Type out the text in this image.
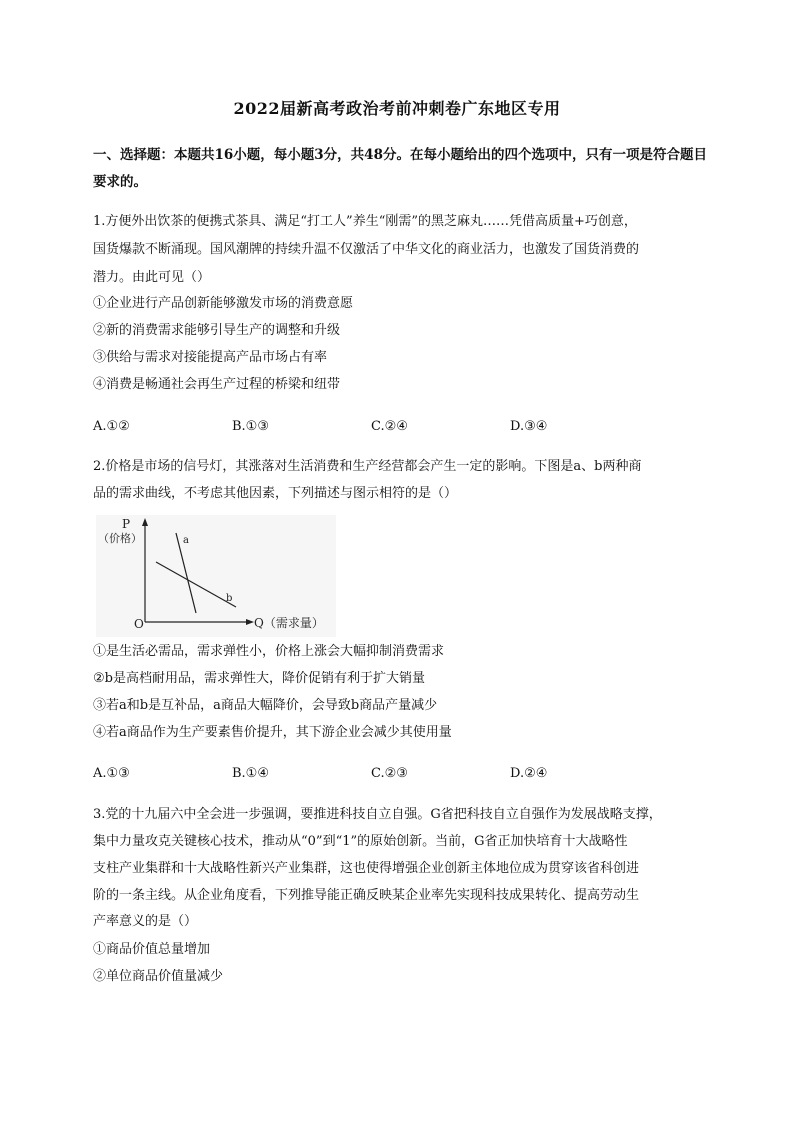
2022届新高考政治考前冲刺卷广东地区专用
一、选择题：本题共16小题，每小题3分，共48分。在每小题给出的四个选项中，只有一项是符合题目要求的。
1.方便外出饮茶的便携式茶具、满足“打工人”养生“刚需”的黑芝麻丸……凭借高质量+巧创意，
国货爆款不断涌现。国风潮牌的持续升温不仅激活了中华文化的商业活力，也激发了国货消费的
潜力。由此可见（）
①企业进行产品创新能够激发市场的消费意愿
②新的消费需求能够引导生产的调整和升级
③供给与需求对接能提高产品市场占有率
④消费是畅通社会再生产过程的桥梁和纽带
A.①②	B.①③	C.②④	D.③④
2.价格是市场的信号灯，其涨落对生活消费和生产经营都会产生一定的影响。下图是a、b两种商
品的需求曲线，不考虑其他因素，下列描述与图示相符的是（）
P
（价格）
O	Q（需求量）
a
b
①是生活必需品，需求弹性小，价格上涨会大幅抑制消费需求
②b是高档耐用品，需求弹性大，降价促销有利于扩大销量
③若a和b是互补品，a商品大幅降价，会导致b商品产量减少
④若a商品作为生产要素售价提升，其下游企业会减少其使用量
A.①③	B.①④	C.②③	D.②④
3.党的十九届六中全会进一步强调，要推进科技自立自强。G省把科技自立自强作为发展战略支撑，
集中力量攻克关键核心技术，推动从“0”到“1”的原始创新。当前，G省正加快培育十大战略性
支柱产业集群和十大战略性新兴产业集群，这也使得增强企业创新主体地位成为贯穿该省科创进
阶的一条主线。从企业角度看，下列推导能正确反映某企业率先实现科技成果转化、提高劳动生
产率意义的是（）
①商品价值总量增加
②单位商品价值量减少
